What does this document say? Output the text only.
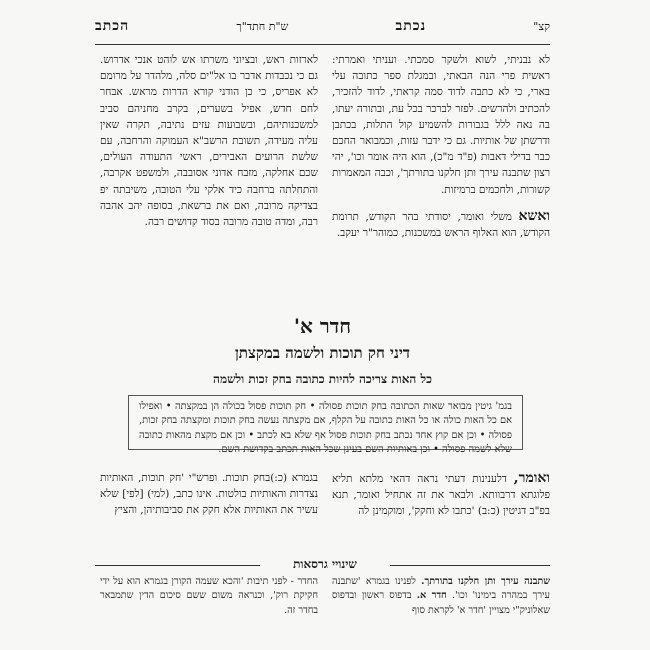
קצ"
נכתב
ש"ת חתד"ך
הכתב

לא נבניתי, לשוא ולשקר סמכתי. ועניתי ואמרתי: ראשית פרי הנה הבאתי, ובמגלת ספר כתובה עלי בארי, כי לא כתבה לדוד סמה קראתי, לדוד להזכיר, להכתיב ולהרשים. לפזר לברכר בכל עת, ובתורה יעתו, בה נאה ללל בגבורות להשמיע קול התלות, בכתבן ודרשתן של אותיות. גם כי ידבר עזות, וכמבואר החכם כבר בדילי דאבות (פ"ד מ"כ), הוא היה אומר וכו', יהי רצון שתבנה עירך ותן חלקנו בתורתך', וכבה המאמרות קשורות, ולחכמים ברמיזות.

ואשא משלי ואומר, יסודתי בהר הקודש, תרומת הקודש, הוא האלוף הראש במשכנות, כמוהר"ר יעקב.

לארזות ראש, ובציוני משרתו אש לוהט אנכי אדרוש. גם כי נכבדות אדבר בו אל"ים סלה, מלהדר על מרומם לא אפריס, כי כן הודני קורא הדרות מראש. אבחר לחם חדש, אפיל בשערים, בקרב מחניהם סביב למשכנותיהם, ובשבועות עזים נתיבה, תקרה שאין עליה מעידה, תשובת הרשב"א העמוקה והרחבה, עם שלשת הרועים האבירים, ראשי התעודה העולים, שכם אחלקה, מזבח אדוני אסובבה, ולמשפט אקרבה, והתחלתה ברחבה כיד אלקי עלי הטובה, משיבתה יפ בצדיקה מרובה, ואם את ברשאת, בסופה יהב אהבה רבה, ומדה טובה מרובה בסוד קדושים רבה.

חדר א'
דיני חק תוכות ולשמה במקצתן
כל האות צריכה להיות כתובה בחק זכות ולשמה
בגמ' גיטין מבואר שאות הכתובה בחק תוכות פסולה • חק תוכות פסול בכולה הן במקצתה • ואפילו אם כל האות כולה או כל האות כתובה על הקלף, אם מקצתה נעשה בחק תוכות ומקצתה בחק זכות, פסולה • וכן אם קוץ אחד נכתב בחק תוכות פסול אף שלא בא לכתב • וכן אם מקצת מהאות כתובה שלא לשמה פסולה • וכן באותיות השם בעינן שכל האות תכתב בקדושת השם.

ואומר, דלענינות דעתי נראה דהאי מלתא תליא פלוגתא דרבוותא. ולבאר את זה אתחיל ואומר, תנא בפ"ב דגיטין (כ:ב) 'כתבו לא וחקק', ומוקמינן לה

בגמרא (כ:)בחק תוכות. ופרש"י 'חק תוכות, האותיות נצדרות והאותיות בולטות. אינו כתב, (למי) [לפי] שלא עשיר את האותיות אלא חקק את סביבותיהן, והציץ

שינויי גרסאות

שתבנה עירך ותן חלקנו בתורתך. לפנינו בגמרא 'שתבנה עירך במהרה בימינו' וכו'. חדר א. בדפוס ראשון ובדפוס שאלוניק"י מצויין 'חדר א' לקראת סוף

החדר - לפני תיבות 'והכא שעמה הקורן בגמרא הוא על ידי חקיקת רוק', וכנראה משום ששם סיכום הדין שתמבאר בחדר זה.
